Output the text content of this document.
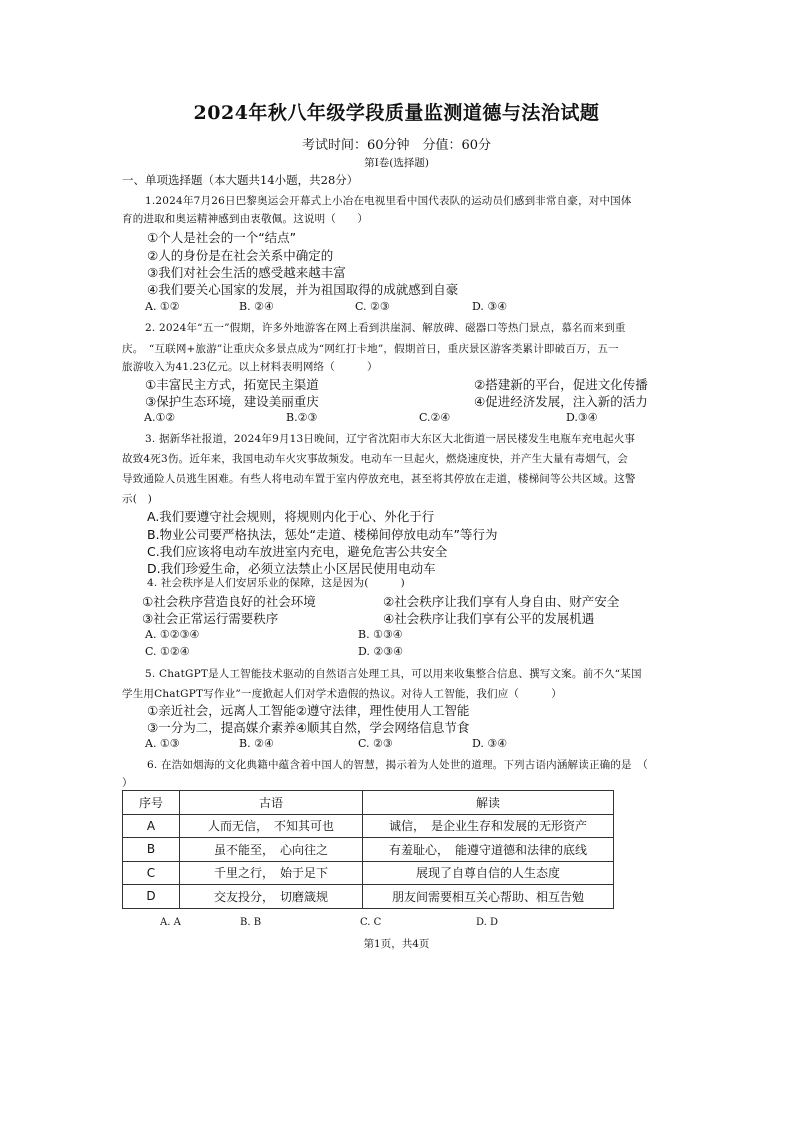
2024年秋八年级学段质量监测道德与法治试题
考试时间：60分钟　分值：60分
第Ⅰ卷(选择题)
一、单项选择题（本大题共14小题，共28分）
1.2024年7月26日巴黎奥运会开幕式上小冶在电视里看中国代表队的运动员们感到非常自豪，对中国体
育的进取和奥运精神感到由衷敬佩。这说明（　　）
①个人是社会的一个“结点”
②人的身份是在社会关系中确定的
③我们对社会生活的感受越来越丰富
④我们要关心国家的发展，并为祖国取得的成就感到自豪
A. ①②	B. ②④	C. ②③	D. ③④
2. 2024年“五一”假期，许多外地游客在网上看到洪崖洞、解放碑、磁器口等热门景点，慕名而来到重
庆。　“互联网+旅游”让重庆众多景点成为“网红打卡地”，假期首日，重庆景区游客类累计即破百万，五一
旅游收入为41.23亿元。以上材料表明网络（　　　）
①丰富民主方式，拓宽民主渠道	②搭建新的平台，促进文化传播
③保护生态环境，建设美丽重庆	④促进经济发展，注入新的活力
A.①②	B.②③	C.②④	D.③④
3. 据新华社报道，2024年9月13日晚间，辽宁省沈阳市大东区大北街道一居民楼发生电瓶车充电起火事
故致4死3伤。近年来，我国电动车火灾事故频发。电动车一旦起火，燃烧速度快，并产生大量有毒烟气，会
导致通险人员逃生困难。有些人将电动车置于室内停放充电，甚至将其停放在走道，楼梯间等公共区域。这警
示(　)
A.我们要遵守社会规则，将规则内化于心、外化于行
B.物业公司要严格执法，惩处“走道、楼梯间停放电动车”等行为
C.我们应该将电动车放进室内充电，避免危害公共安全
D.我们珍爱生命，必须立法禁止小区居民使用电动车
4. 社会秩序是人们安居乐业的保障，这是因为(　　　)
①社会秩序营造良好的社会环境	②社会秩序让我们享有人身自由、财产安全
③社会正常运行需要秩序	④社会秩序让我们享有公平的发展机遇
A. ①②③④	B. ①③④
C. ①②④	D. ②③④
5. ChatGPT是人工智能技术驱动的自然语言处理工具，可以用来收集整合信息、撰写文案。前不久“某国
学生用ChatGPT写作业”一度掀起人们对学术造假的热议。对待人工智能，我们应（　　　）
①亲近社会，远离人工智能②遵守法律，理性使用人工智能
③一分为二，提高媒介素养④顺其自然，学会网络信息节食
A. ①③	B. ②④	C. ②③	D. ③④
6. 在浩如烟海的文化典籍中蕴含着中国人的智慧，揭示着为人处世的道理。下列古语内涵解读正确的是　（
）
序号	古语	解读
A	人而无信，　不知其可也	诚信，　是企业生存和发展的无形资产
B	虽不能至，　心向往之	有羞耻心，　能遵守道德和法律的底线
C	千里之行，　始于足下	展现了自尊自信的人生态度
D	交友投分，　切磨箴规	朋友间需要相互关心帮助、相互告勉
A. A	B. B	C. C	D. D
第1页，共4页
